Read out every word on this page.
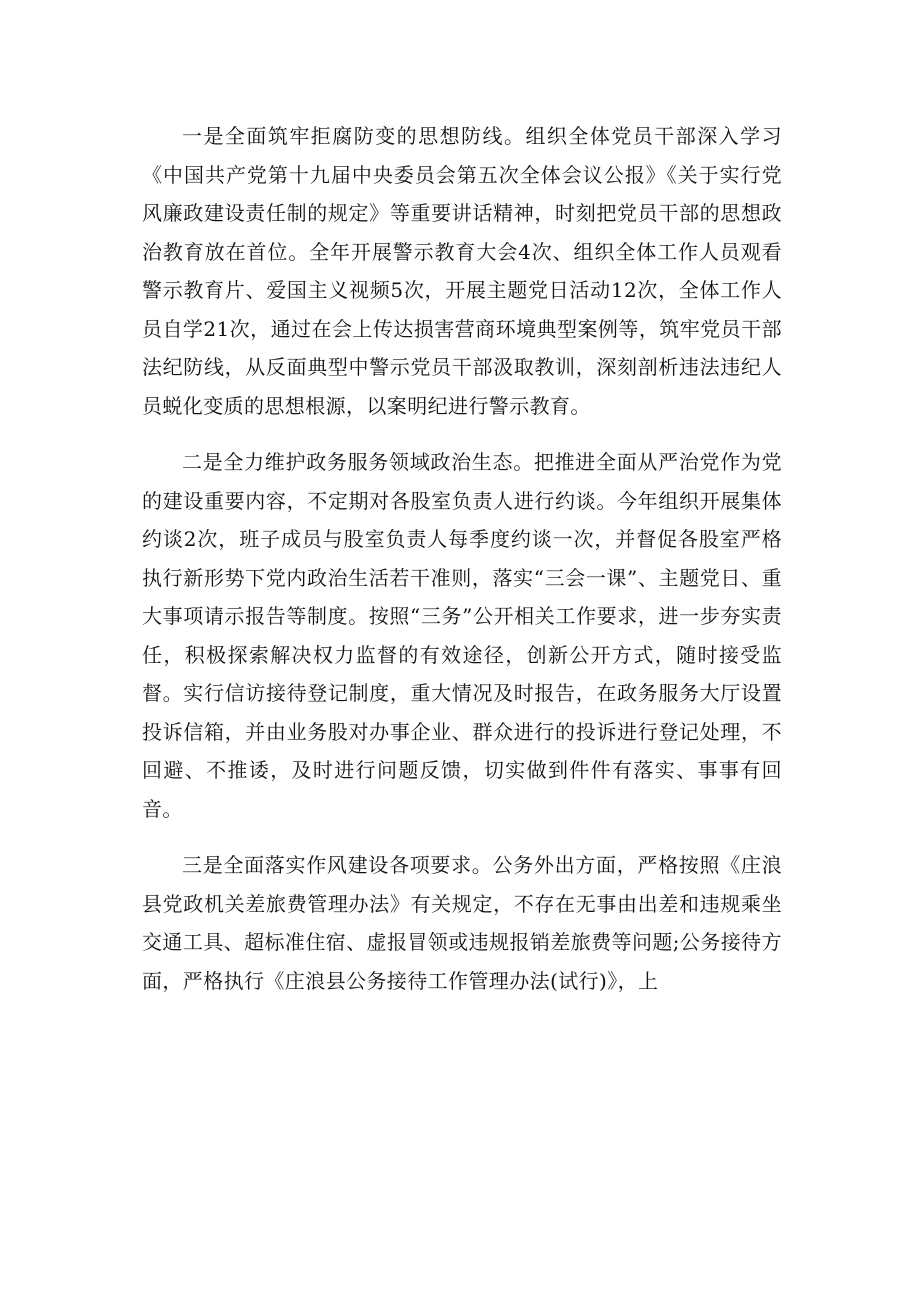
一是全面筑牢拒腐防变的思想防线。组织全体党员干部深入学习《中国共产党第十九届中央委员会第五次全体会议公报》《关于实行党风廉政建设责任制的规定》等重要讲话精神，时刻把党员干部的思想政治教育放在首位。全年开展警示教育大会4次、组织全体工作人员观看警示教育片、爱国主义视频5次，开展主题党日活动12次，全体工作人员自学21次，通过在会上传达损害营商环境典型案例等，筑牢党员干部法纪防线，从反面典型中警示党员干部汲取教训，深刻剖析违法违纪人员蜕化变质的思想根源，以案明纪进行警示教育。

二是全力维护政务服务领域政治生态。把推进全面从严治党作为党的建设重要内容，不定期对各股室负责人进行约谈。今年组织开展集体约谈2次，班子成员与股室负责人每季度约谈一次，并督促各股室严格执行新形势下党内政治生活若干准则，落实“三会一课”、主题党日、重大事项请示报告等制度。按照“三务”公开相关工作要求，进一步夯实责任，积极探索解决权力监督的有效途径，创新公开方式，随时接受监督。实行信访接待登记制度，重大情况及时报告，在政务服务大厅设置投诉信箱，并由业务股对办事企业、群众进行的投诉进行登记处理，不回避、不推诿，及时进行问题反馈，切实做到件件有落实、事事有回音。

三是全面落实作风建设各项要求。公务外出方面，严格按照《庄浪县党政机关差旅费管理办法》有关规定，不存在无事由出差和违规乘坐交通工具、超标准住宿、虚报冒领或违规报销差旅费等问题;公务接待方面，严格执行《庄浪县公务接待工作管理办法(试行)》，上
